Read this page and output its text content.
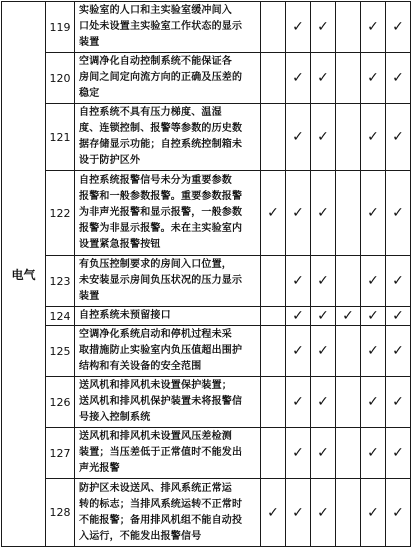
电气	119	实验室的人口和主实验室缓冲间入
口处未设置主实验室工作状态的显示
装置		✓	✓		✓	✓
	120	空调净化自动控制系统不能保证各
房间之间定向流方向的正确及压差的
稳定		✓	✓		✓	✓
	121	自控系统不具有压力梯度、温湿
度、连锁控制、报警等参数的历史数
据存储显示功能；自控系统控制箱未
设于防护区外		✓	✓		✓	✓
	122	自控系统报警信号未分为重要参数
报警和一般参数报警。重要参数报警
为非声光报警和显示报警，一般参数
报警为非显示报警。未在主实验室内
设置紧急报警按钮	✓	✓	✓		✓	✓
	123	有负压控制要求的房间入口位置，
未安装显示房间负压状况的压力显示
装置		✓	✓		✓	✓
	124	自控系统未预留接口		✓	✓	✓	✓	✓
	125	空调净化系统启动和停机过程未采
取措施防止实验室内负压值超出围护
结构和有关设备的安全范围		✓	✓		✓	✓
	126	送风机和排风机未设置保护装置；
送风机和排风机保护装置未将报警信
号接入控制系统		✓	✓		✓	✓
	127	送风机和排风机未设置风压差检测
装置；当压差低于正常值时不能发出
声光报警		✓	✓		✓	✓
	128	防护区未设送风、排风系统正常运
转的标志；当排风系统运转不正常时
不能报警；备用排风机组不能自动投
入运行，不能发出报警信号	✓	✓	✓		✓	✓
